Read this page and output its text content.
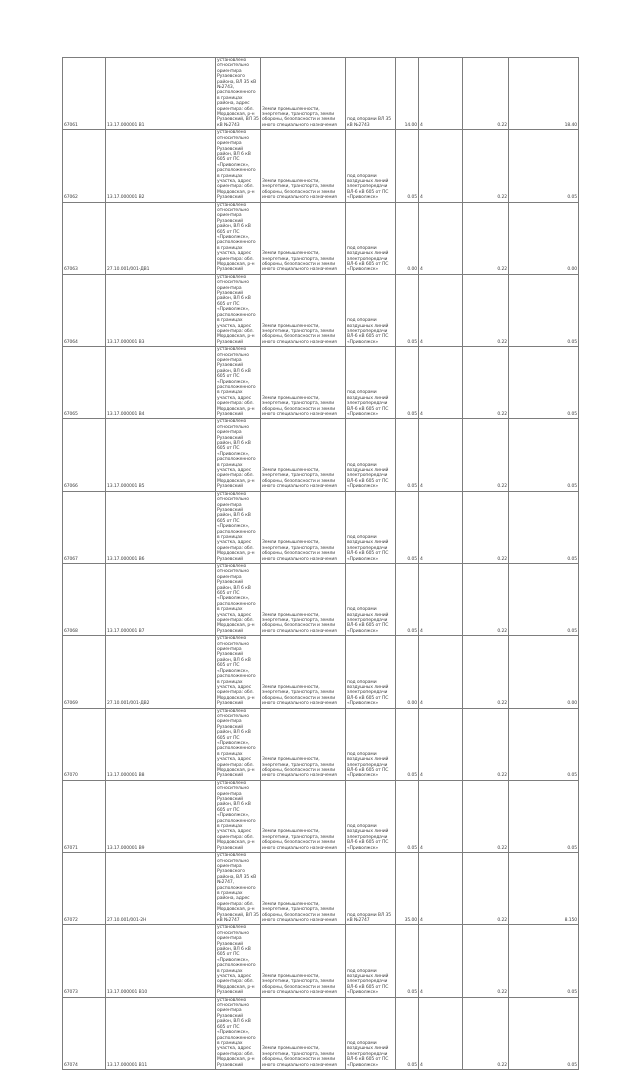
67061	13.17.000001 В1	установлено относительно ориентира Рузаевского района, ВЛ 35 кВ №2743, расположенного в границах района, адрес ориентира: обл. Мордовская, р-н Рузаевский, ВЛ 35 кВ №2743	Земли промышленности, энергетики, транспорта, земли обороны, безопасности и земли иного специального назначения	под опорами ВЛ 35 кВ №2743	14.00	4	0.22	18.40
67062	13.17.000001 В2	установлено относительно ориентира Рузаевский район, ВЛ 6 кВ 605 от ПС «Приволжск», расположенного в границах участка, адрес ориентира: обл. Мордовская, р-н Рузаевский	Земли промышленности, энергетики, транспорта, земли обороны, безопасности и земли иного специального назначения	под опорами воздушных линий электропередачи ВЛ-6 кВ 605 от ПС «Приволжск»	0.05	4	0.22	0.05
67063	27.10.001/001-ДВ1	установлено относительно ориентира Рузаевский район, ВЛ 6 кВ 605 от ПС «Приволжск», расположенного в границах участка, адрес ориентира: обл. Мордовская, р-н Рузаевский	Земли промышленности, энергетики, транспорта, земли обороны, безопасности и земли иного специального назначения	под опорами воздушных линий электропередачи ВЛ-6 кВ 605 от ПС «Приволжск»	0.00	4	0.22	0.00
67064	13.17.000001 В3	установлено относительно ориентира Рузаевский район, ВЛ 6 кВ 605 от ПС «Приволжск», расположенного в границах участка, адрес ориентира: обл. Мордовская, р-н Рузаевский	Земли промышленности, энергетики, транспорта, земли обороны, безопасности и земли иного специального назначения	под опорами воздушных линий электропередачи ВЛ-6 кВ 605 от ПС «Приволжск»	0.05	4	0.22	0.05
67065	13.17.000001 В4	установлено относительно ориентира Рузаевский район, ВЛ 6 кВ 605 от ПС «Приволжск», расположенного в границах участка, адрес ориентира: обл. Мордовская, р-н Рузаевский	Земли промышленности, энергетики, транспорта, земли обороны, безопасности и земли иного специального назначения	под опорами воздушных линий электропередачи ВЛ-6 кВ 605 от ПС «Приволжск»	0.05	4	0.22	0.05
67066	13.17.000001 В5	установлено относительно ориентира Рузаевский район, ВЛ 6 кВ 605 от ПС «Приволжск», расположенного в границах участка, адрес ориентира: обл. Мордовская, р-н Рузаевский	Земли промышленности, энергетики, транспорта, земли обороны, безопасности и земли иного специального назначения	под опорами воздушных линий электропередачи ВЛ-6 кВ 605 от ПС «Приволжск»	0.05	4	0.22	0.05
67067	13.17.000001 В6	установлено относительно ориентира Рузаевский район, ВЛ 6 кВ 605 от ПС «Приволжск», расположенного в границах участка, адрес ориентира: обл. Мордовская, р-н Рузаевский	Земли промышленности, энергетики, транспорта, земли обороны, безопасности и земли иного специального назначения	под опорами воздушных линий электропередачи ВЛ-6 кВ 605 от ПС «Приволжск»	0.05	4	0.22	0.05
67068	13.17.000001 В7	установлено относительно ориентира Рузаевский район, ВЛ 6 кВ 605 от ПС «Приволжск», расположенного в границах участка, адрес ориентира: обл. Мордовская, р-н Рузаевский	Земли промышленности, энергетики, транспорта, земли обороны, безопасности и земли иного специального назначения	под опорами воздушных линий электропередачи ВЛ-6 кВ 605 от ПС «Приволжск»	0.05	4	0.22	0.05
67069	27.10.001/001-ДВ2	установлено относительно ориентира Рузаевский район, ВЛ 6 кВ 605 от ПС «Приволжск», расположенного в границах участка, адрес ориентира: обл. Мордовская, р-н Рузаевский	Земли промышленности, энергетики, транспорта, земли обороны, безопасности и земли иного специального назначения	под опорами воздушных линий электропередачи ВЛ-6 кВ 605 от ПС «Приволжск»	0.00	4	0.22	0.00
67070	13.17.000001 В8	установлено относительно ориентира Рузаевский район, ВЛ 6 кВ 605 от ПС «Приволжск», расположенного в границах участка, адрес ориентира: обл. Мордовская, р-н Рузаевский	Земли промышленности, энергетики, транспорта, земли обороны, безопасности и земли иного специального назначения	под опорами воздушных линий электропередачи ВЛ-6 кВ 605 от ПС «Приволжск»	0.05	4	0.22	0.05
67071	13.17.000001 В9	установлено относительно ориентира Рузаевский район, ВЛ 6 кВ 605 от ПС «Приволжск», расположенного в границах участка, адрес ориентира: обл. Мордовская, р-н Рузаевский	Земли промышленности, энергетики, транспорта, земли обороны, безопасности и земли иного специального назначения	под опорами воздушных линий электропередачи ВЛ-6 кВ 605 от ПС «Приволжск»	0.05	4	0.22	0.05
67072	27.10.001/001-2Н	установлено относительно ориентира Рузаевского района, ВЛ 35 кВ №2747, расположенного в границах района, адрес ориентира: обл. Мордовская, р-н Рузаевский, ВЛ 35 кВ №2747	Земли промышленности, энергетики, транспорта, земли обороны, безопасности и земли иного специального назначения	под опорами ВЛ 35 кВ №2747	35.00	4	0.22	8.150
67073	13.17.000001 В10	установлено относительно ориентира Рузаевский район, ВЛ 6 кВ 605 от ПС «Приволжск», расположенного в границах участка, адрес ориентира: обл. Мордовская, р-н Рузаевский	Земли промышленности, энергетики, транспорта, земли обороны, безопасности и земли иного специального назначения	под опорами воздушных линий электропередачи ВЛ-6 кВ 605 от ПС «Приволжск»	0.05	4	0.22	0.05
67074	13.17.000001 В11	установлено относительно ориентира Рузаевский район, ВЛ 6 кВ 605 от ПС «Приволжск», расположенного в границах участка, адрес ориентира: обл. Мордовская, р-н Рузаевский	Земли промышленности, энергетики, транспорта, земли обороны, безопасности и земли иного специального назначения	под опорами воздушных линий электропередачи ВЛ-6 кВ 605 от ПС «Приволжск»	0.05	4	0.22	0.05
